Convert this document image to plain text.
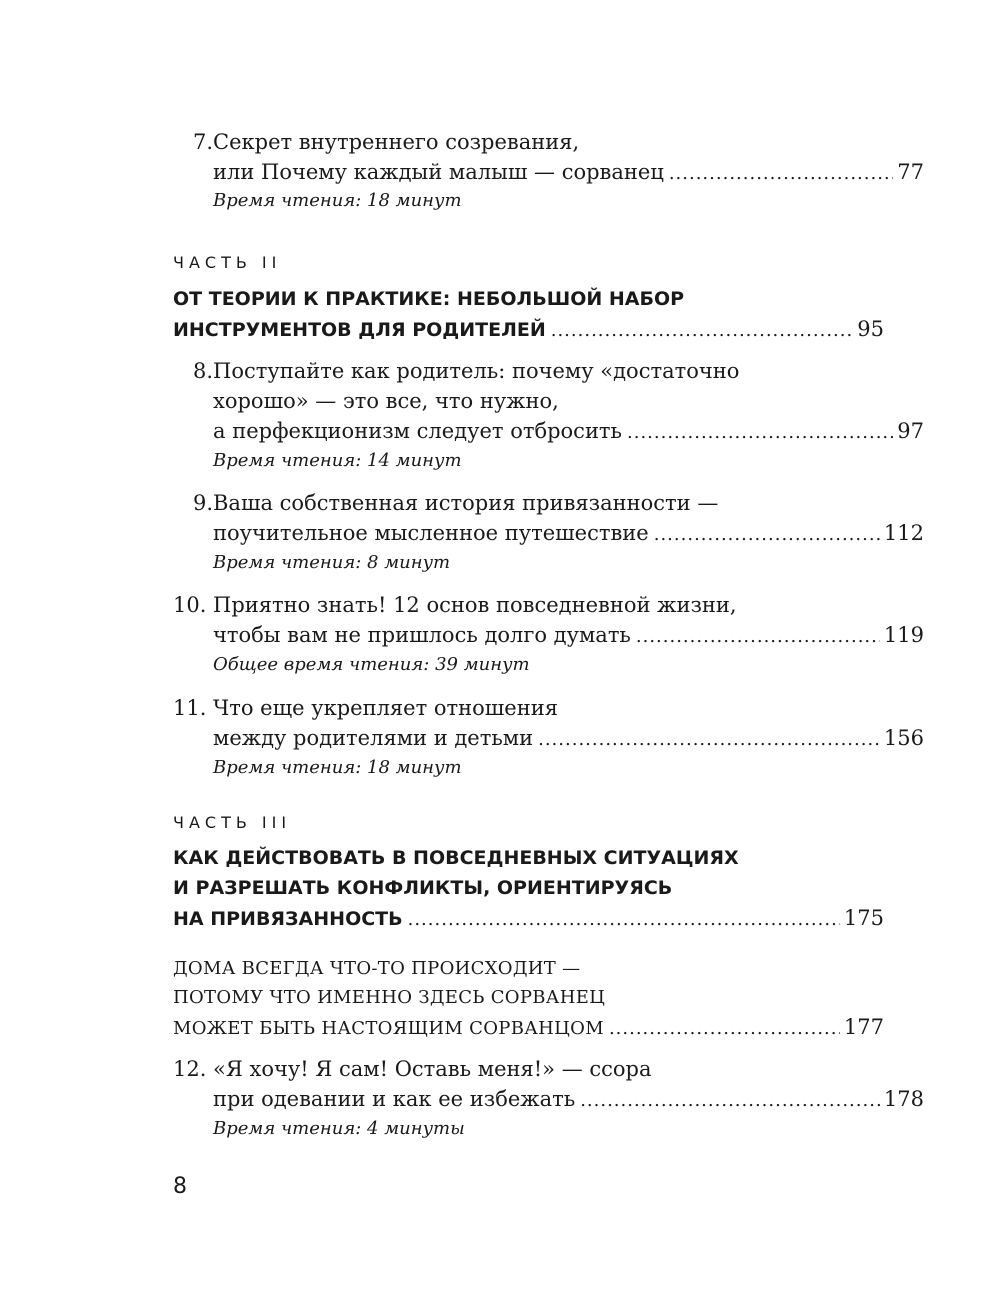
7. Секрет внутреннего созревания,
или Почему каждый малыш — сорванец .....	77
Время чтения: 18 минут
ЧАСТЬ II
ОТ ТЕОРИИ К ПРАКТИКЕ: НЕБОЛЬШОЙ НАБОР
ИНСТРУМЕНТОВ ДЛЯ РОДИТЕЛЕЙ .....	95
8. Поступайте как родитель: почему «достаточно
хорошо» — это все, что нужно,
а перфекционизм следует отбросить .....	97
Время чтения: 14 минут
9. Ваша собственная история привязанности —
поучительное мысленное путешествие .....	112
Время чтения: 8 минут
10. Приятно знать! 12 основ повседневной жизни,
чтобы вам не пришлось долго думать .....	119
Общее время чтения: 39 минут
11. Что еще укрепляет отношения
между родителями и детьми .....	156
Время чтения: 18 минут
ЧАСТЬ III
КАК ДЕЙСТВОВАТЬ В ПОВСЕДНЕВНЫХ СИТУАЦИЯХ
И РАЗРЕШАТЬ КОНФЛИКТЫ, ОРИЕНТИРУЯСЬ
НА ПРИВЯЗАННОСТЬ .....	175
ДОМА ВСЕГДА ЧТО-ТО ПРОИСХОДИТ —
ПОТОМУ ЧТО ИМЕННО ЗДЕСЬ СОРВАНЕЦ
МОЖЕТ БЫТЬ НАСТОЯЩИМ СОРВАНЦОМ .....	177
12. «Я хочу! Я сам! Оставь меня!» — ссора
при одевании и как ее избежать .....	178
Время чтения: 4 минуты
8
